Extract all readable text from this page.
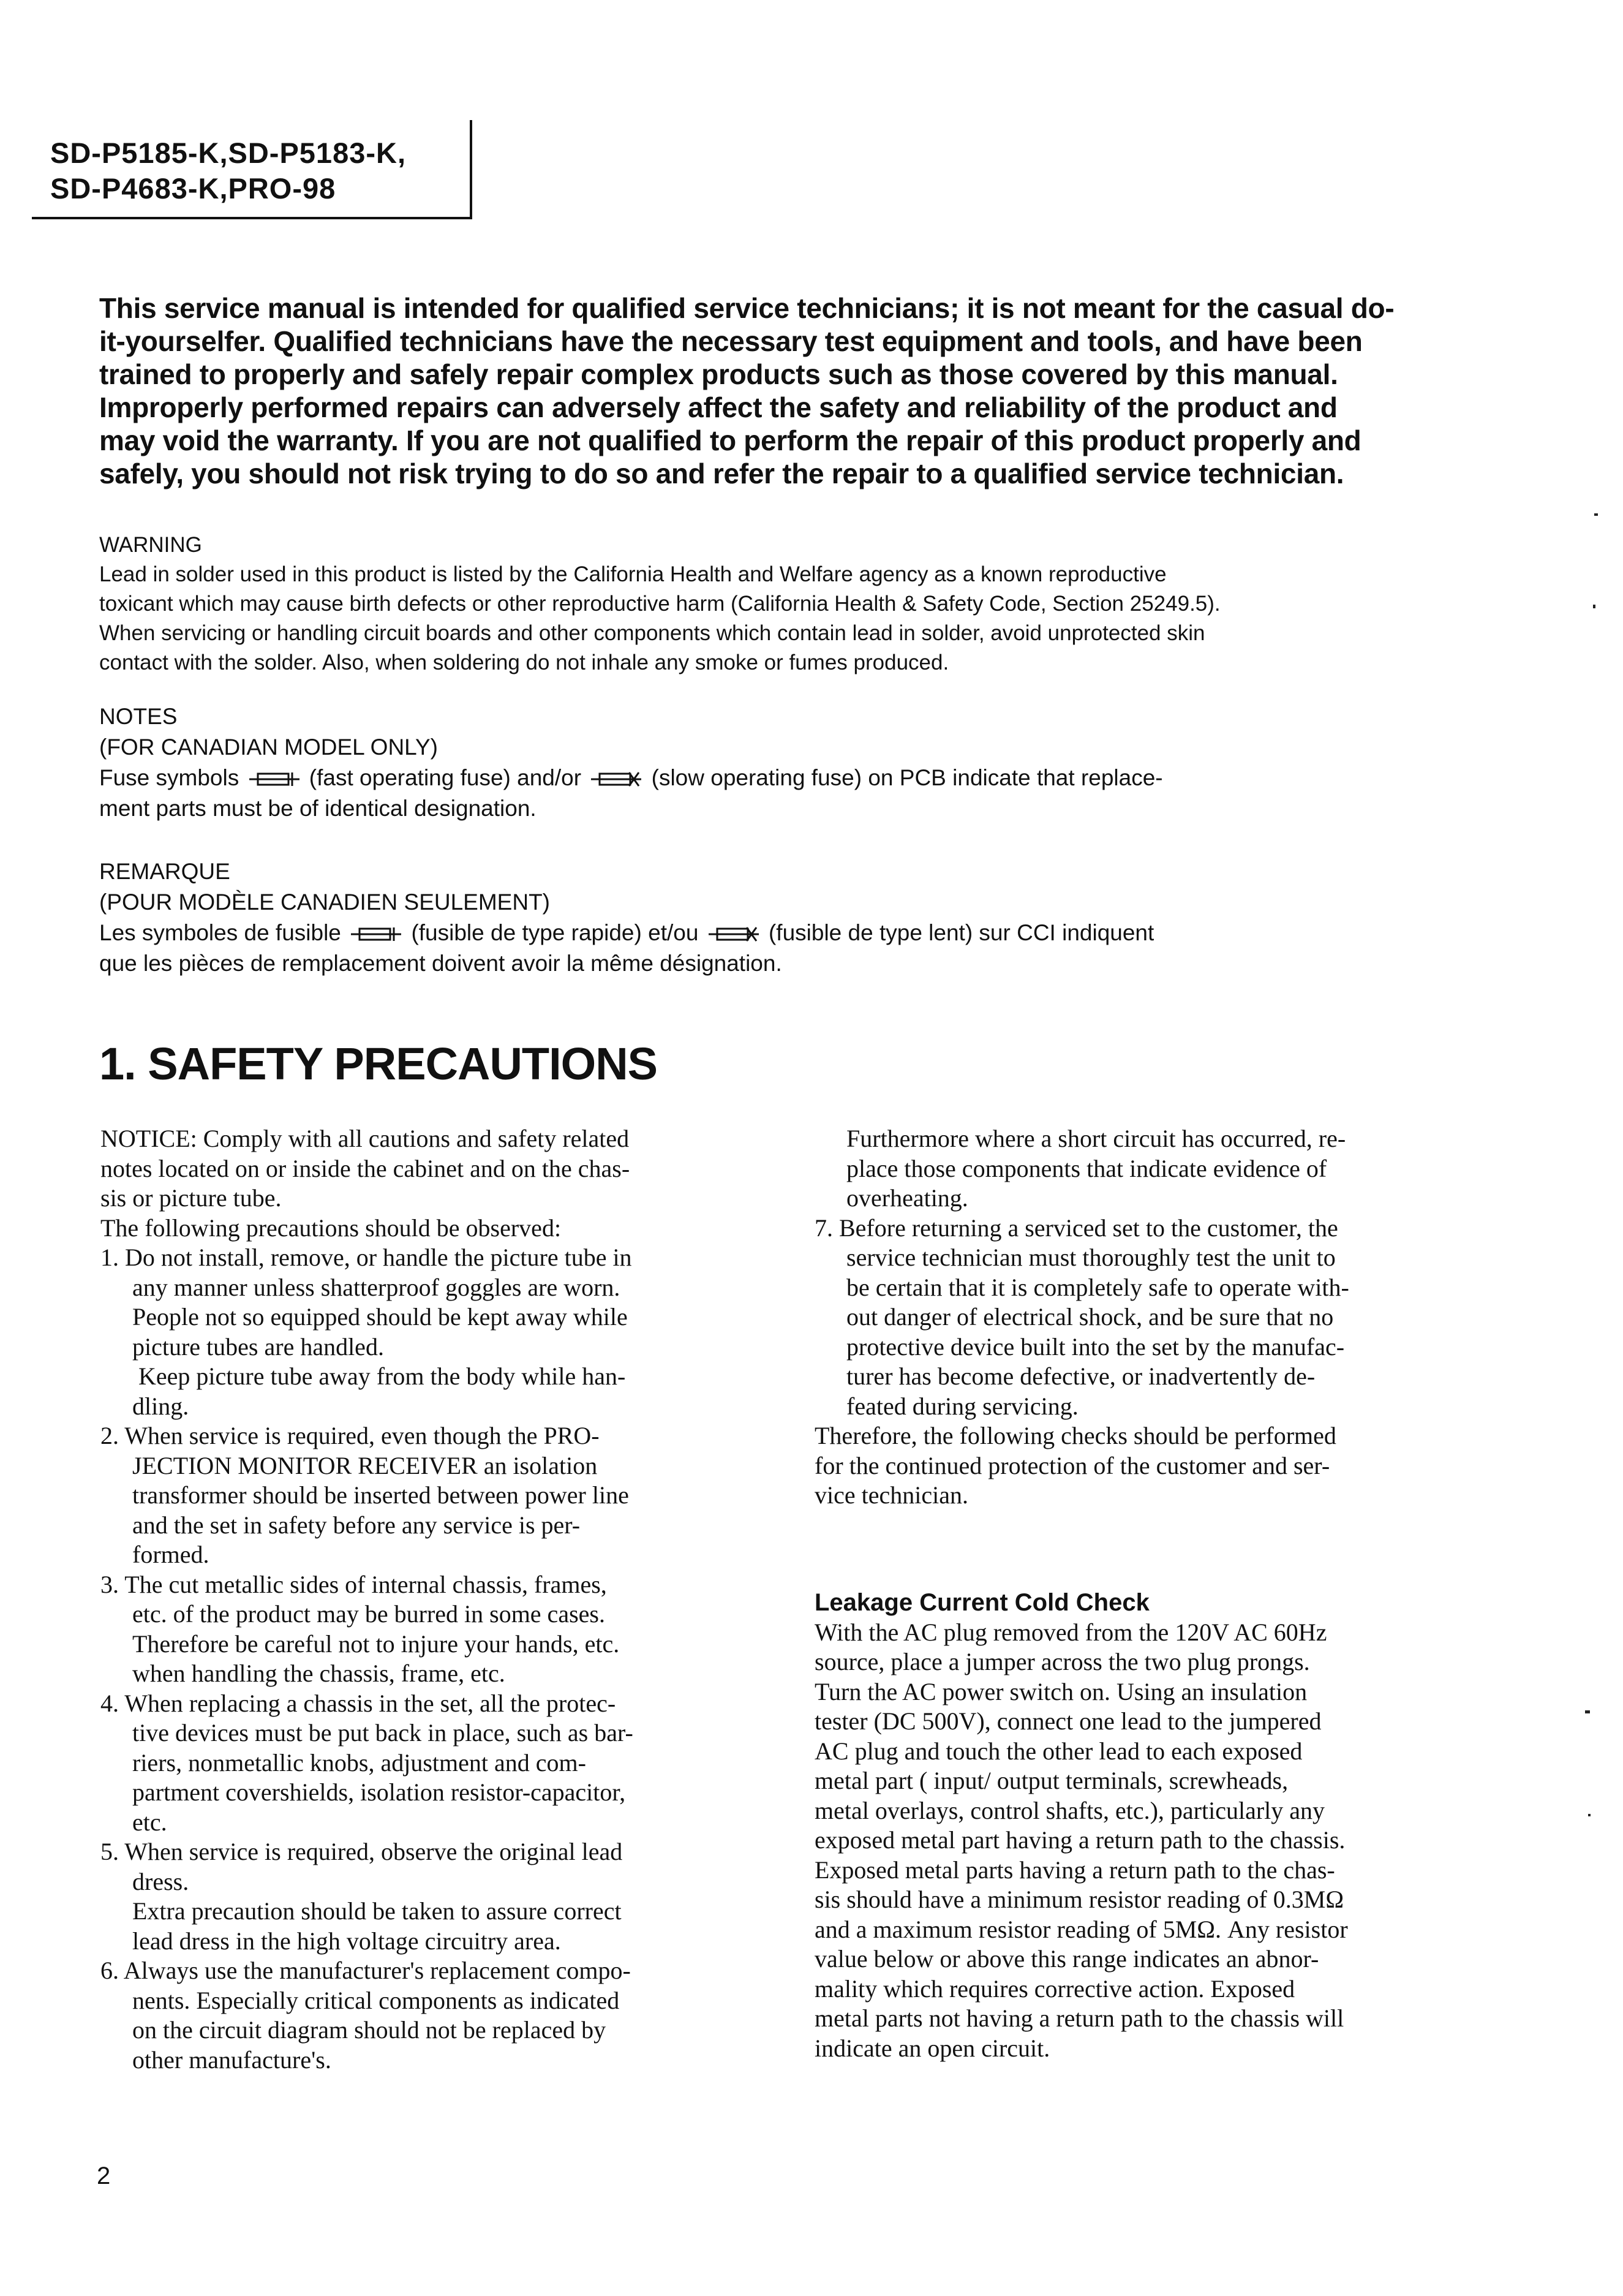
SD-P5185-K,SD-P5183-K,
SD-P4683-K,PRO-98
This service manual is intended for qualified service technicians; it is not meant for the casual do-
it-yourselfer. Qualified technicians have the necessary test equipment and tools, and have been
trained to properly and safely repair complex products such as those covered by this manual.
Improperly performed repairs can adversely affect the safety and reliability of the product and
may void the warranty. If you are not qualified to perform the repair of this product properly and
safely, you should not risk trying to do so and refer the repair to a qualified service technician.
WARNING
Lead in solder used in this product is listed by the California Health and Welfare agency as a known reproductive
toxicant which may cause birth defects or other reproductive harm (California Health & Safety Code, Section 25249.5).
When servicing or handling circuit boards and other components which contain lead in solder, avoid unprotected skin
contact with the solder. Also, when soldering do not inhale any smoke or fumes produced.
NOTES
(FOR CANADIAN MODEL ONLY)
Fuse symbols	(fast operating fuse) and/or	(slow operating fuse) on PCB indicate that replace-
ment parts must be of identical designation.
REMARQUE
(POUR MODÈLE CANADIEN SEULEMENT)
Les symboles de fusible	(fusible de type rapide) et/ou	(fusible de type lent) sur CCI indiquent
que les pièces de remplacement doivent avoir la même désignation.
1. SAFETY PRECAUTIONS
NOTICE: Comply with all cautions and safety related
notes located on or inside the cabinet and on the chas-
sis or picture tube.
The following precautions should be observed:
1. Do not install, remove, or handle the picture tube in
any manner unless shatterproof goggles are worn.
People not so equipped should be kept away while
picture tubes are handled.
Keep picture tube away from the body while han-
dling.
2. When service is required, even though the PRO-
JECTION MONITOR RECEIVER an isolation
transformer should be inserted between power line
and the set in safety before any service is per-
formed.
3. The cut metallic sides of internal chassis, frames,
etc. of the product may be burred in some cases.
Therefore be careful not to injure your hands, etc.
when handling the chassis, frame, etc.
4. When replacing a chassis in the set, all the protec-
tive devices must be put back in place, such as bar-
riers, nonmetallic knobs, adjustment and com-
partment covershields, isolation resistor-capacitor,
etc.
5. When service is required, observe the original lead
dress.
Extra precaution should be taken to assure correct
lead dress in the high voltage circuitry area.
6. Always use the manufacturer's replacement compo-
nents. Especially critical components as indicated
on the circuit diagram should not be replaced by
other manufacture's.
Furthermore where a short circuit has occurred, re-
place those components that indicate evidence of
overheating.
7. Before returning a serviced set to the customer, the
service technician must thoroughly test the unit to
be certain that it is completely safe to operate with-
out danger of electrical shock, and be sure that no
protective device built into the set by the manufac-
turer has become defective, or inadvertently de-
feated during servicing.
Therefore, the following checks should be performed
for the continued protection of the customer and ser-
vice technician.
Leakage Current Cold Check
With the AC plug removed from the 120V AC 60Hz
source, place a jumper across the two plug prongs.
Turn the AC power switch on. Using an insulation
tester (DC 500V), connect one lead to the jumpered
AC plug and touch the other lead to each exposed
metal part ( input/ output terminals, screwheads,
metal overlays, control shafts, etc.), particularly any
exposed metal part having a return path to the chassis.
Exposed metal parts having a return path to the chas-
sis should have a minimum resistor reading of 0.3MΩ
and a maximum resistor reading of 5MΩ. Any resistor
value below or above this range indicates an abnor-
mality which requires corrective action. Exposed
metal parts not having a return path to the chassis will
indicate an open circuit.
2
